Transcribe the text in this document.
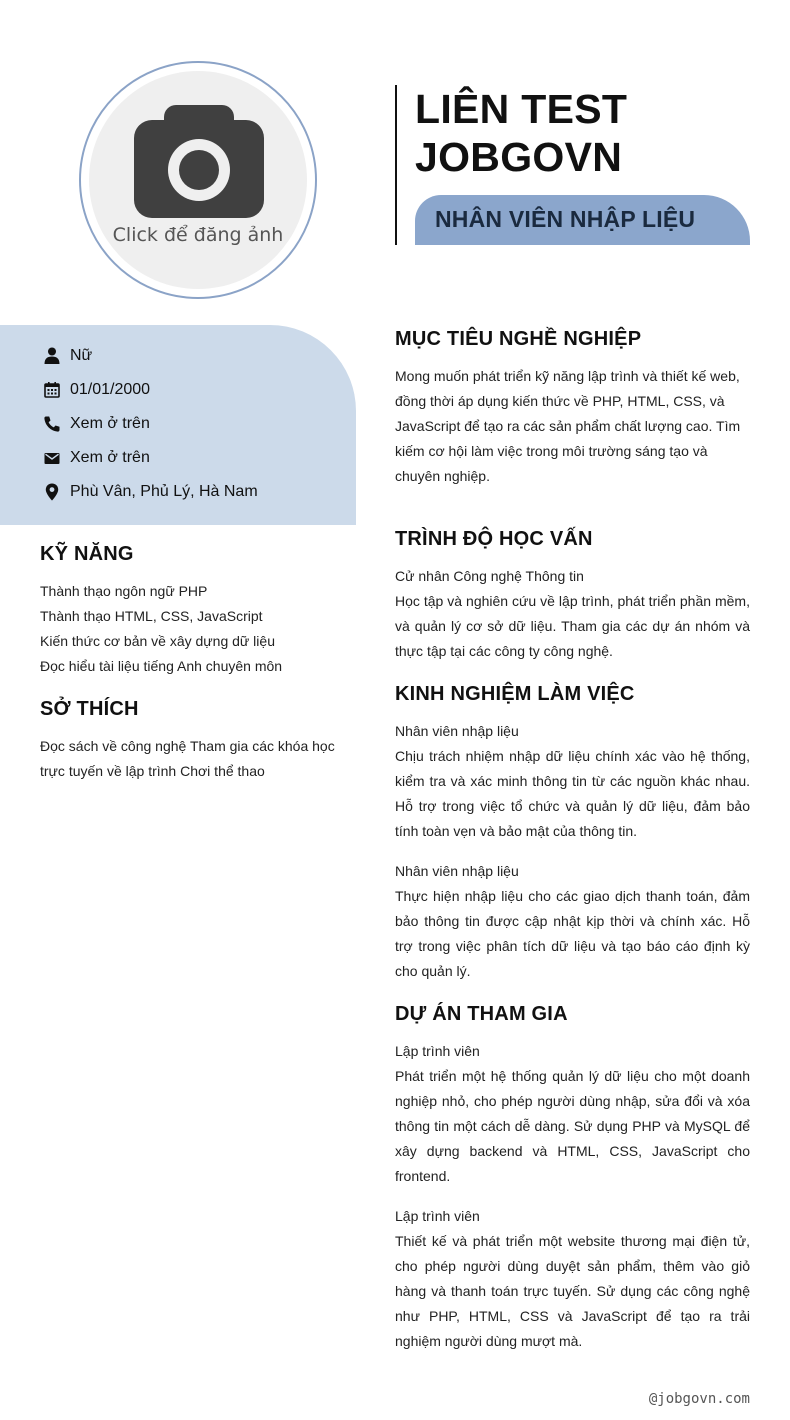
Click để đăng ảnh
LIÊN TEST
JOBGOVN
NHÂN VIÊN NHẬP LIỆU
Nữ
01/01/2000
Xem ở trên
Xem ở trên
Phù Vân, Phủ Lý, Hà Nam
KỸ NĂNG
Thành thạo ngôn ngữ PHP
Thành thạo HTML, CSS, JavaScript
Kiến thức cơ bản về xây dựng dữ liệu
Đọc hiểu tài liệu tiếng Anh chuyên môn
SỞ THÍCH
Đọc sách về công nghệ Tham gia các khóa học trực tuyến về lập trình Chơi thể thao
MỤC TIÊU NGHỀ NGHIỆP
Mong muốn phát triển kỹ năng lập trình và thiết kế web, đồng thời áp dụng kiến thức về PHP, HTML, CSS, và JavaScript để tạo ra các sản phẩm chất lượng cao. Tìm kiếm cơ hội làm việc trong môi trường sáng tạo và chuyên nghiệp.
TRÌNH ĐỘ HỌC VẤN
Cử nhân Công nghệ Thông tin
Học tập và nghiên cứu về lập trình, phát triển phần mềm, và quản lý cơ sở dữ liệu. Tham gia các dự án nhóm và thực tập tại các công ty công nghệ.
KINH NGHIỆM LÀM VIỆC
Nhân viên nhập liệu
Chịu trách nhiệm nhập dữ liệu chính xác vào hệ thống, kiểm tra và xác minh thông tin từ các nguồn khác nhau. Hỗ trợ trong việc tổ chức và quản lý dữ liệu, đảm bảo tính toàn vẹn và bảo mật của thông tin.
Nhân viên nhập liệu
Thực hiện nhập liệu cho các giao dịch thanh toán, đảm bảo thông tin được cập nhật kịp thời và chính xác. Hỗ trợ trong việc phân tích dữ liệu và tạo báo cáo định kỳ cho quản lý.
DỰ ÁN THAM GIA
Lập trình viên
Phát triển một hệ thống quản lý dữ liệu cho một doanh nghiệp nhỏ, cho phép người dùng nhập, sửa đổi và xóa thông tin một cách dễ dàng. Sử dụng PHP và MySQL để xây dựng backend và HTML, CSS, JavaScript cho frontend.
Lập trình viên
Thiết kế và phát triển một website thương mại điện tử, cho phép người dùng duyệt sản phẩm, thêm vào giỏ hàng và thanh toán trực tuyến. Sử dụng các công nghệ như PHP, HTML, CSS và JavaScript để tạo ra trải nghiệm người dùng mượt mà.
@jobgovn.com
